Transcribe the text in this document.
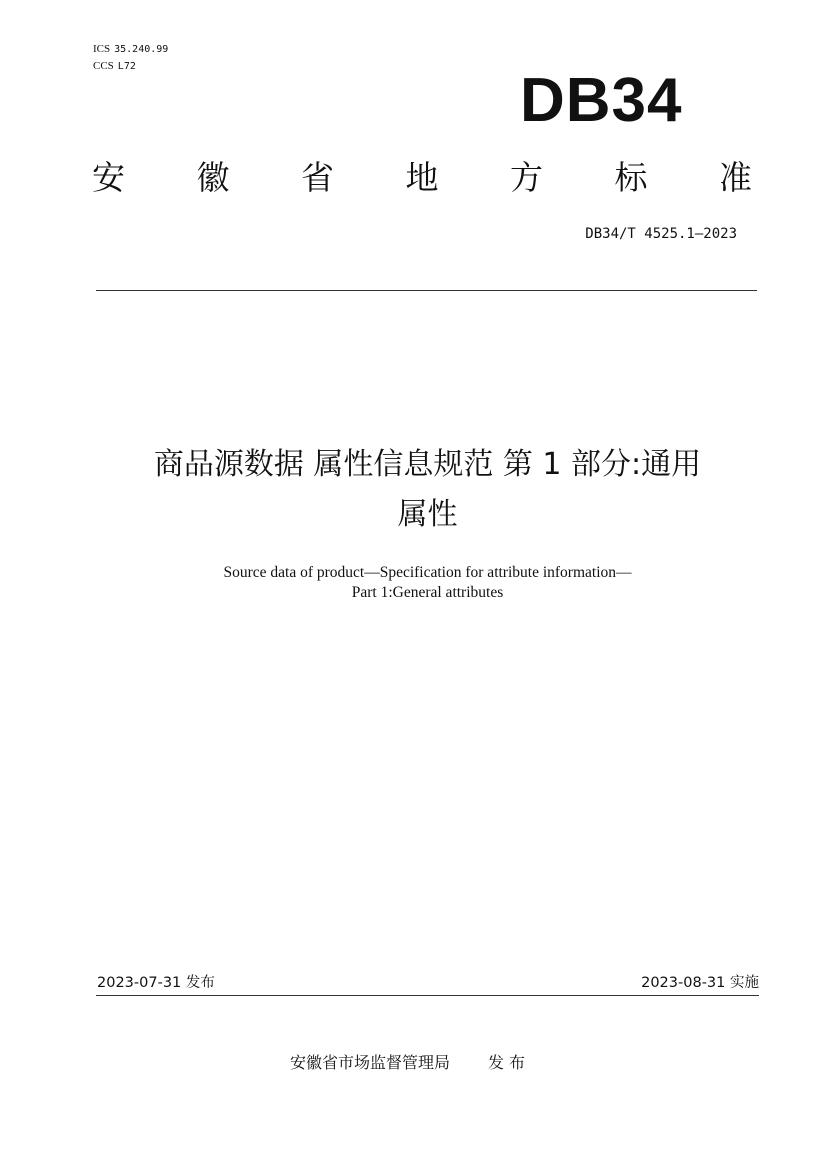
ICS 35.240.99
CCS L72	DB34
安 徽 省 地 方 标 准
DB34/T 4525.1—2023
商品源数据 属性信息规范 第 1 部分:通用
属性
Source data of product—Specification for attribute information—
Part 1:General attributes
2023-07-31 发布	2023-08-31 实施
安徽省市场监督管理局 发 布
